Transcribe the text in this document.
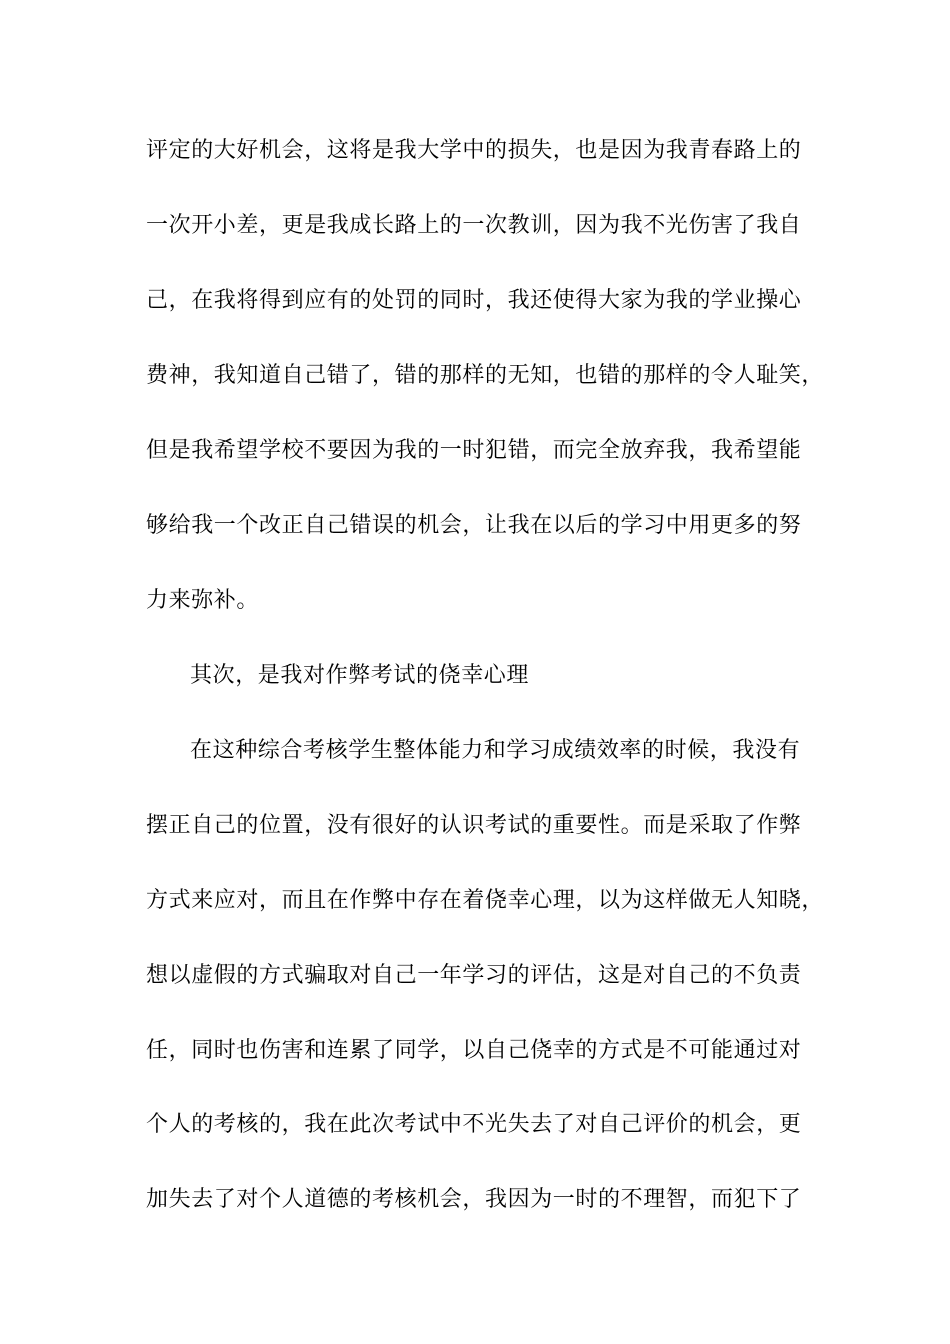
评定的大好机会，这将是我大学中的损失，也是因为我青春路上的
一次开小差，更是我成长路上的一次教训，因为我不光伤害了我自
己，在我将得到应有的处罚的同时，我还使得大家为我的学业操心
费神，我知道自己错了，错的那样的无知，也错的那样的令人耻笑，
但是我希望学校不要因为我的一时犯错，而完全放弃我，我希望能
够给我一个改正自己错误的机会，让我在以后的学习中用更多的努
力来弥补。
其次，是我对作弊考试的侥幸心理
在这种综合考核学生整体能力和学习成绩效率的时候，我没有
摆正自己的位置，没有很好的认识考试的重要性。而是采取了作弊
方式来应对，而且在作弊中存在着侥幸心理，以为这样做无人知晓，
想以虚假的方式骗取对自己一年学习的评估，这是对自己的不负责
任，同时也伤害和连累了同学，以自己侥幸的方式是不可能通过对
个人的考核的，我在此次考试中不光失去了对自己评价的机会，更
加失去了对个人道德的考核机会，我因为一时的不理智，而犯下了
